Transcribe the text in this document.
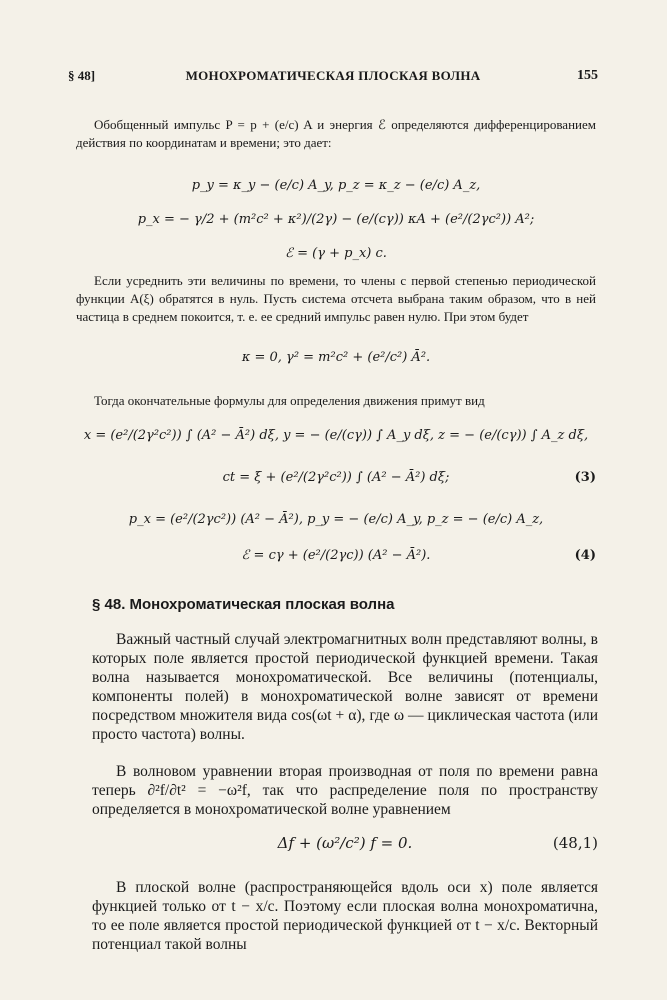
§ 48]	МОНОХРОМАТИЧЕСКАЯ ПЛОСКАЯ ВОЛНА	155

Обобщенный импульс P = p + (e/c) A и энергия ℰ определяются дифференцированием действия по координатам и времени; это дает:

p_y = κ_y − (e/c) A_y, p_z = κ_z − (e/c) A_z,
p_x = − γ/2 + (m²c² + κ²)/(2γ) − (e/(cγ)) κA + (e²/(2γc²)) A²;
ℰ = (γ + p_x) c.

Если усреднить эти величины по времени, то члены с первой степенью периодической функции A(ξ) обратятся в нуль. Пусть система отсчета выбрана таким образом, что в ней частица в среднем покоится, т. е. ее средний импульс равен нулю. При этом будет

κ = 0, γ² = m²c² + (e²/c²) Ā².

Тогда окончательные формулы для определения движения примут вид

x = (e²/(2γ²c²)) ∫ (A² − Ā²) dξ, y = − (e/(cγ)) ∫ A_y dξ, z = − (e/(cγ)) ∫ A_z dξ,
ct = ξ + (e²/(2γ²c²)) ∫ (A² − Ā²) dξ;	(3)
p_x = (e²/(2γc²)) (A² − Ā²), p_y = − (e/c) A_y, p_z = − (e/c) A_z,
ℰ = cγ + (e²/(2γc)) (A² − Ā²).	(4)
§ 48. Монохроматическая плоская волна

Важный частный случай электромагнитных волн представляют волны, в которых поле является простой периодической функцией времени. Такая волна называется монохроматической. Все величины (потенциалы, компоненты полей) в монохроматической волне зависят от времени посредством множителя вида cos(ωt + α), где ω — циклическая частота (или просто частота) волны.

В волновом уравнении вторая производная от поля по времени равна теперь ∂²f/∂t² = −ω²f, так что распределение поля по пространству определяется в монохроматической волне уравнением

Δf + (ω²/c²) f = 0.	(48,1)

В плоской волне (распространяющейся вдоль оси x) поле является функцией только от t − x/c. Поэтому если плоская волна монохроматична, то ее поле является простой периодической функцией от t − x/c. Векторный потенциал такой волны
